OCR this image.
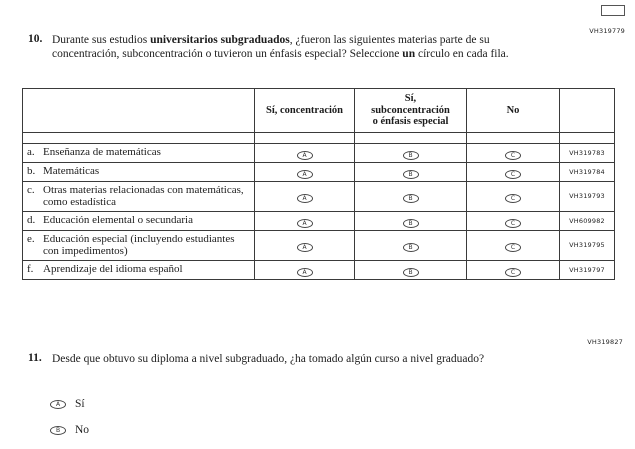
VH319779
10. Durante sus estudios universitarios subgraduados, ¿fueron las siguientes materias parte de su concentración, subconcentración o tuvieron un énfasis especial? Seleccione un círculo en cada fila.
	Sí, concentración	Sí,
subconcentración
o énfasis especial	No	

a. Enseñanza de matemáticas	A	B	C	VH319783

b. Matemáticas	A	B	C	VH319784

c. Otras materias relacionadas con matemáticas, como estadística	A	B	C	VH319793

d. Educación elemental o secundaria	A	B	C	VH609982

e. Educación especial (incluyendo estudiantes con impedimentos)	A	B	C	VH319795

f. Aprendizaje del idioma español	A	B	C	VH319797
VH319827
11. Desde que obtuvo su diploma a nivel subgraduado, ¿ha tomado algún curso a nivel graduado?
A	Sí
B	No
